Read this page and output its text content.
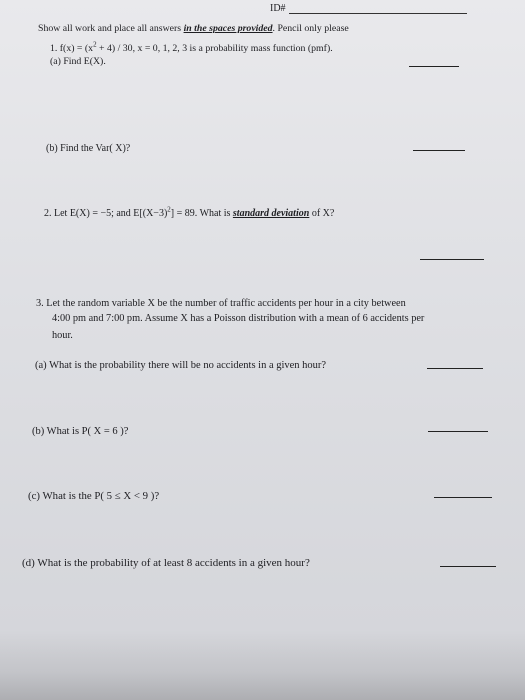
ID#
Show all work and place all answers in the spaces provided. Pencil only please
1. $f(x) = (x^2 + 4) / 30$, x = 0, 1, 2, 3 is a probability mass function (pmf).
(a) Find E(X).
(b) Find the Var( X)?
2. Let E(X) = −5; and $E[(X-3)^2] = 89$. What is standard deviation of X?
3. Let the random variable X be the number of traffic accidents per hour in a city between
4:00 pm and 7:00 pm. Assume X has a Poisson distribution with a mean of 6 accidents per
hour.
(a) What is the probability there will be no accidents in a given hour?
(b) What is P( X = 6 )?
(c) What is the P( 5 ≤ X < 9 )?
(d) What is the probability of at least 8 accidents in a given hour?
